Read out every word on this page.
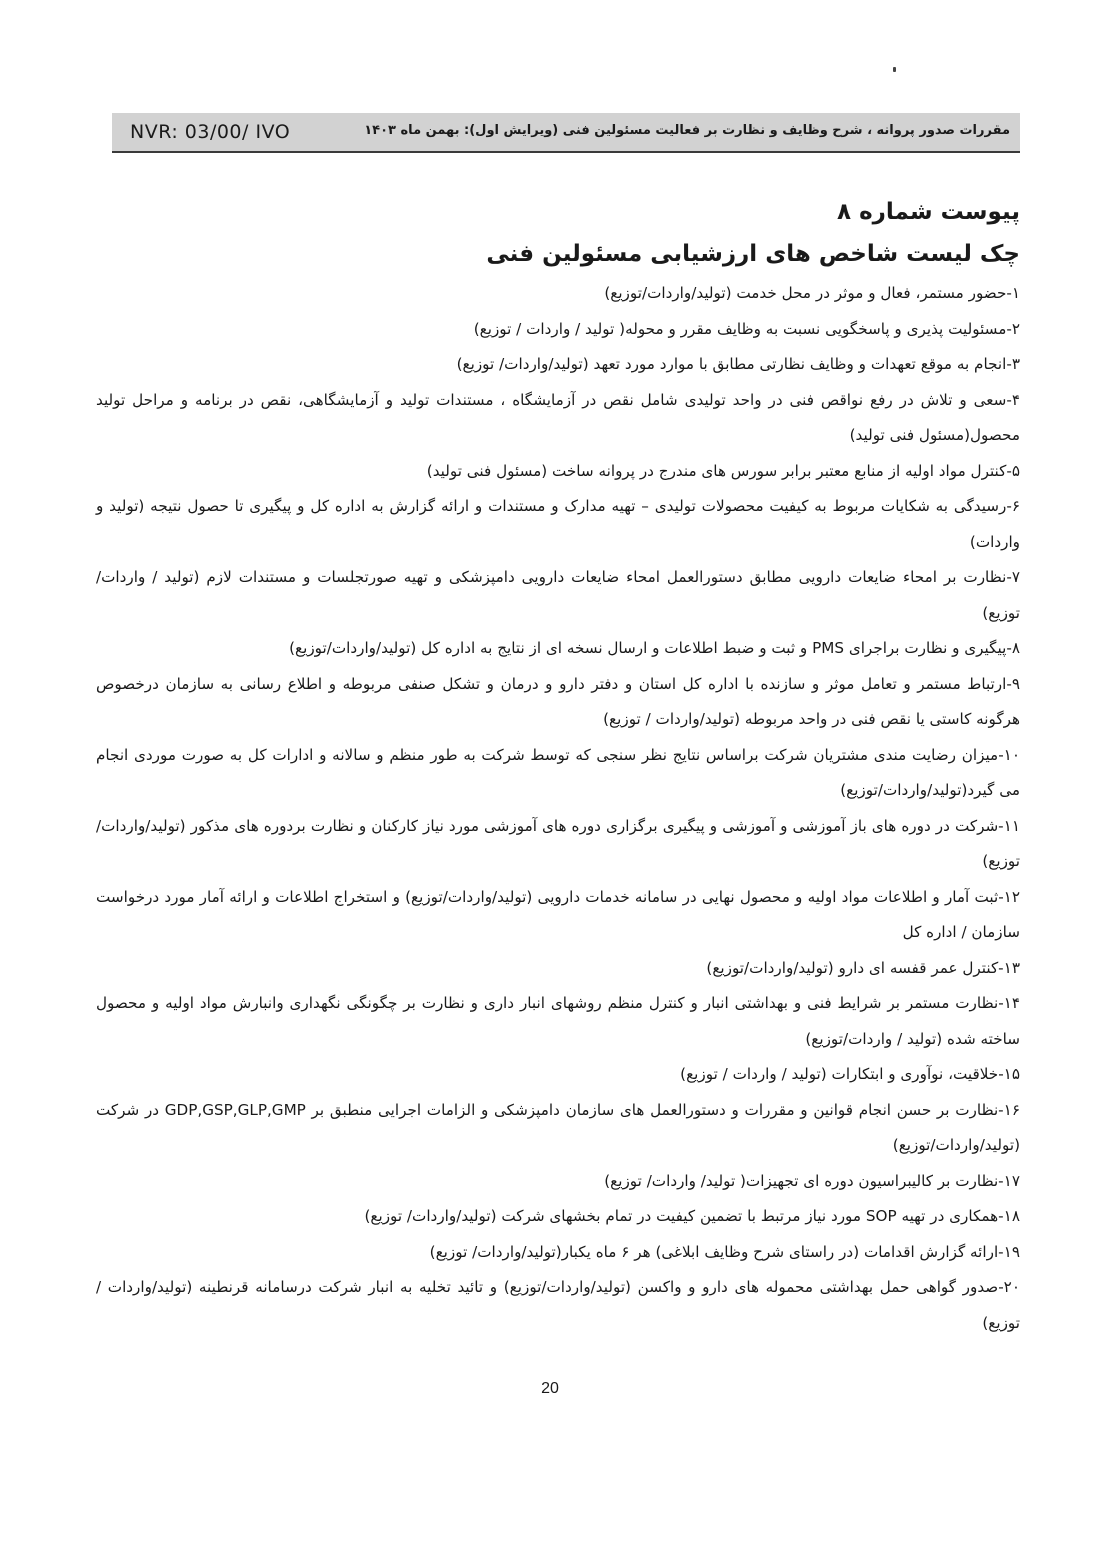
NVR: 03/00/ IVO	مقررات صدور پروانه ، شرح وظایف و نظارت بر فعالیت مسئولین فنی (ویرایش اول): بهمن ماه ۱۴۰۳
پیوست شماره ۸
چک لیست شاخص های ارزشیابی مسئولین فنی

۱-حضور مستمر، فعال و موثر در محل خدمت (تولید/واردات/توزیع)

۲-مسئولیت پذیری و پاسخگویی نسبت به وظایف مقرر و محوله( تولید / واردات / توزیع)

۳-انجام به موقع تعهدات و وظایف نظارتی مطابق با موارد مورد تعهد (تولید/واردات/ توزیع)

۴-سعی و تلاش در رفع نواقص فنی در واحد تولیدی شامل نقص در آزمایشگاه ، مستندات تولید و آزمایشگاهی، نقص در برنامه و مراحل تولید محصول(مسئول فنی تولید)

۵-کنترل مواد اولیه از منابع معتبر برابر سورس های مندرج در پروانه ساخت (مسئول فنی تولید)

۶-رسیدگی به شکایات مربوط به کیفیت محصولات تولیدی – تهیه مدارک و مستندات و ارائه گزارش به اداره کل و پیگیری تا حصول نتیجه (تولید و واردات)

۷-نظارت بر امحاء ضایعات دارویی مطابق دستورالعمل امحاء ضایعات دارویی دامپزشکی و تهیه صورتجلسات و مستندات لازم (تولید / واردات/ توزیع)

۸-پیگیری و نظارت براجرای PMS و ثبت و ضبط اطلاعات و ارسال نسخه ای از نتایج به اداره کل (تولید/واردات/توزیع)

۹-ارتباط مستمر و تعامل موثر و سازنده با اداره کل استان و دفتر دارو و درمان و تشکل صنفی مربوطه و اطلاع رسانی به سازمان درخصوص هرگونه کاستی یا نقص فنی در واحد مربوطه (تولید/واردات / توزیع)

۱۰-میزان رضایت مندی مشتریان شرکت براساس نتایج نظر سنجی که توسط شرکت به طور منظم و سالانه و ادارات کل به صورت موردی انجام می گیرد(تولید/واردات/توزیع)

۱۱-شرکت در دوره های باز آموزشی و آموزشی و پیگیری برگزاری دوره های آموزشی مورد نیاز کارکنان و نظارت بردوره های مذکور (تولید/واردات/توزیع)

۱۲-ثبت آمار و اطلاعات مواد اولیه و محصول نهایی در سامانه خدمات دارویی (تولید/واردات/توزیع) و استخراج اطلاعات و ارائه آمار مورد درخواست سازمان / اداره کل

۱۳-کنترل عمر قفسه ای دارو (تولید/واردات/توزیع)

۱۴-نظارت مستمر بر شرایط فنی و بهداشتی انبار و کنترل منظم روشهای انبار داری و نظارت بر چگونگی نگهداری وانبارش مواد اولیه و محصول ساخته شده (تولید / واردات/توزیع)

۱۵-خلاقیت، نوآوری و ابتکارات (تولید / واردات / توزیع)

۱۶-نظارت بر حسن انجام قوانین و مقررات و دستورالعمل های سازمان دامپزشکی و الزامات اجرایی منطبق بر GDP,GSP,GLP,GMP در شرکت (تولید/واردات/توزیع)

۱۷-نظارت بر کالیبراسیون دوره ای تجهیزات( تولید/ واردات/ توزیع)

۱۸-همکاری در تهیه SOP مورد نیاز مرتبط با تضمین کیفیت در تمام بخشهای شرکت (تولید/واردات/ توزیع)

۱۹-ارائه گزارش اقدامات (در راستای شرح وظایف ابلاغی) هر ۶ ماه یکبار(تولید/واردات/ توزیع)

۲۰-صدور گواهی حمل بهداشتی محموله های دارو و واکسن (تولید/واردات/توزیع) و تائید تخلیه به انبار شرکت درسامانه قرنطینه (تولید/واردات / توزیع)

20
